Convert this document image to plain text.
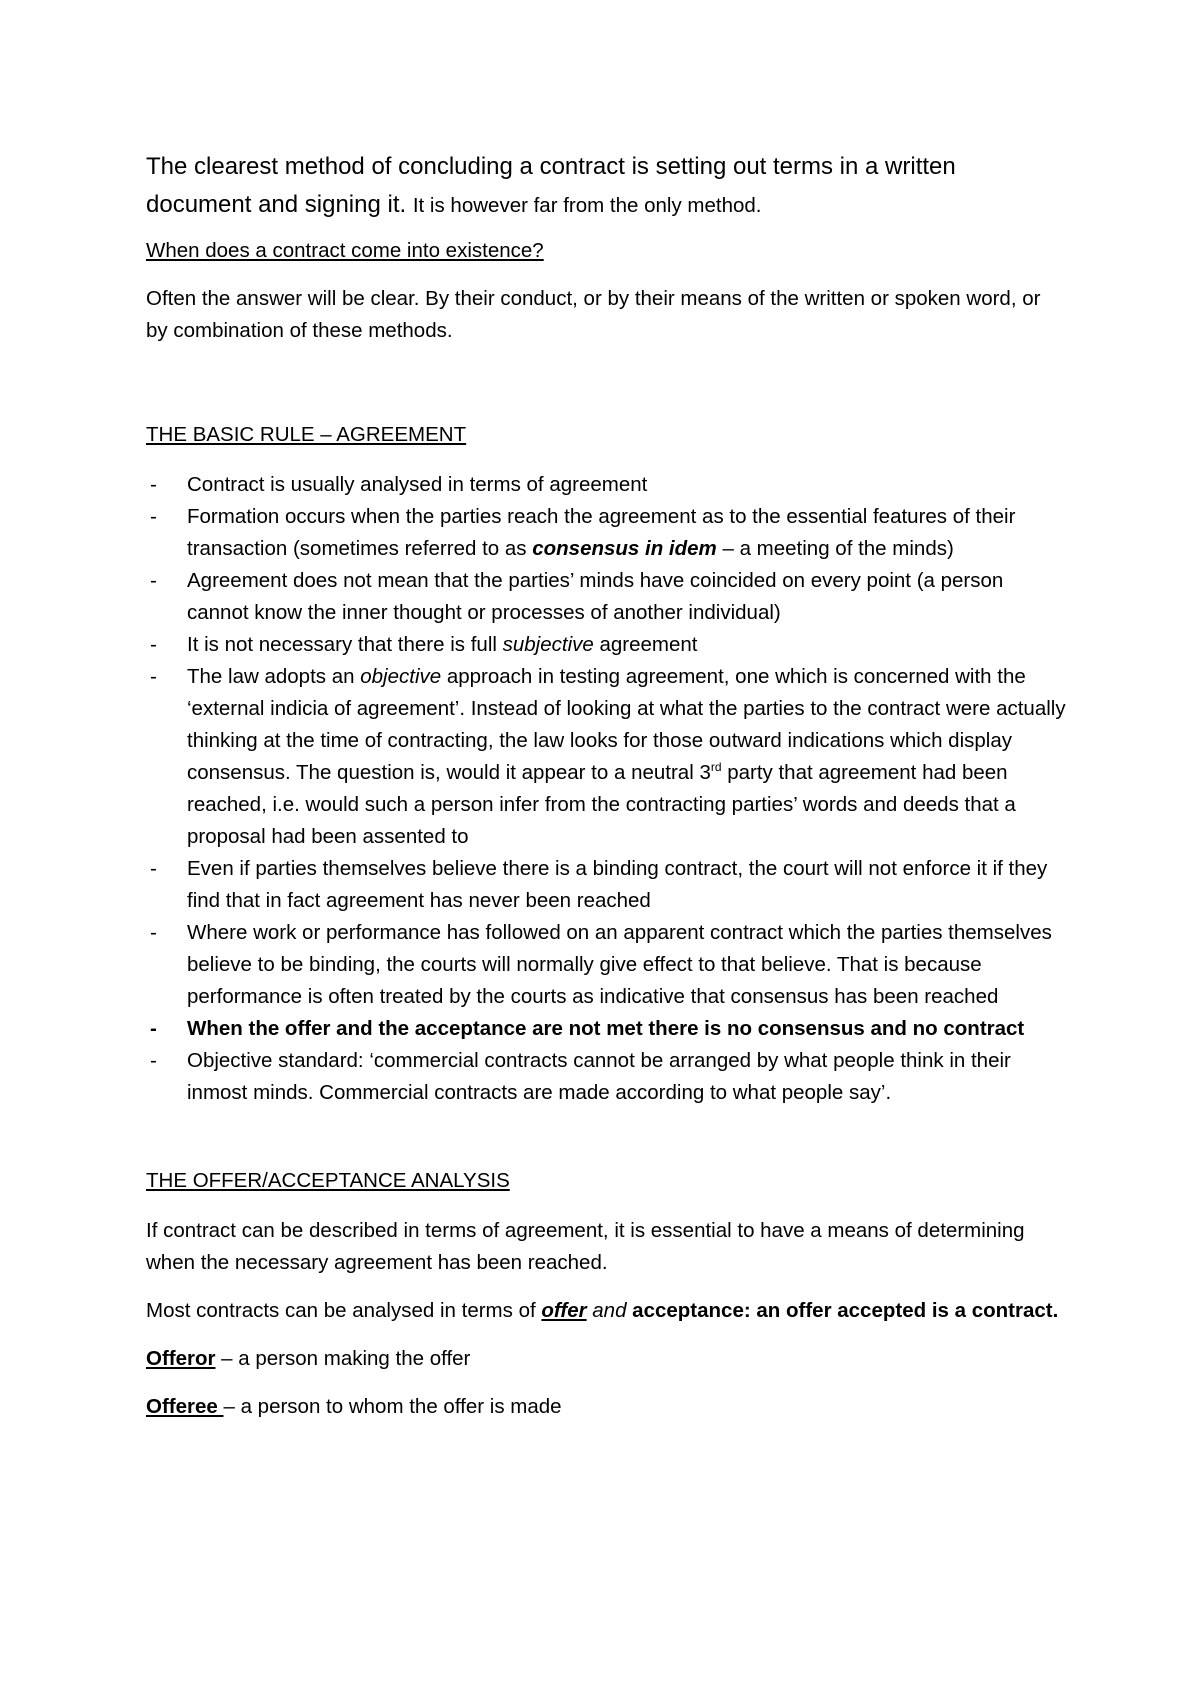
The clearest method of concluding a contract is setting out terms in a written document and signing it. It is however far from the only method.

When does a contract come into existence?

Often the answer will be clear. By their conduct, or by their means of the written or spoken word, or by combination of these methods.

THE BASIC RULE – AGREEMENT

- Contract is usually analysed in terms of agreement
- Formation occurs when the parties reach the agreement as to the essential features of their transaction (sometimes referred to as consensus in idem – a meeting of the minds)
- Agreement does not mean that the parties’ minds have coincided on every point (a person cannot know the inner thought or processes of another individual)
- It is not necessary that there is full subjective agreement
- The law adopts an objective approach in testing agreement, one which is concerned with the ‘external indicia of agreement’. Instead of looking at what the parties to the contract were actually thinking at the time of contracting, the law looks for those outward indications which display consensus. The question is, would it appear to a neutral 3rd party that agreement had been reached, i.e. would such a person infer from the contracting parties’ words and deeds that a proposal had been assented to
- Even if parties themselves believe there is a binding contract, the court will not enforce it if they find that in fact agreement has never been reached
- Where work or performance has followed on an apparent contract which the parties themselves believe to be binding, the courts will normally give effect to that believe. That is because performance is often treated by the courts as indicative that consensus has been reached
- When the offer and the acceptance are not met there is no consensus and no contract
- Objective standard: ‘commercial contracts cannot be arranged by what people think in their inmost minds. Commercial contracts are made according to what people say’.

THE OFFER/ACCEPTANCE ANALYSIS

If contract can be described in terms of agreement, it is essential to have a means of determining when the necessary agreement has been reached.

Most contracts can be analysed in terms of offer and acceptance: an offer accepted is a contract.

Offeror – a person making the offer

Offeree – a person to whom the offer is made
